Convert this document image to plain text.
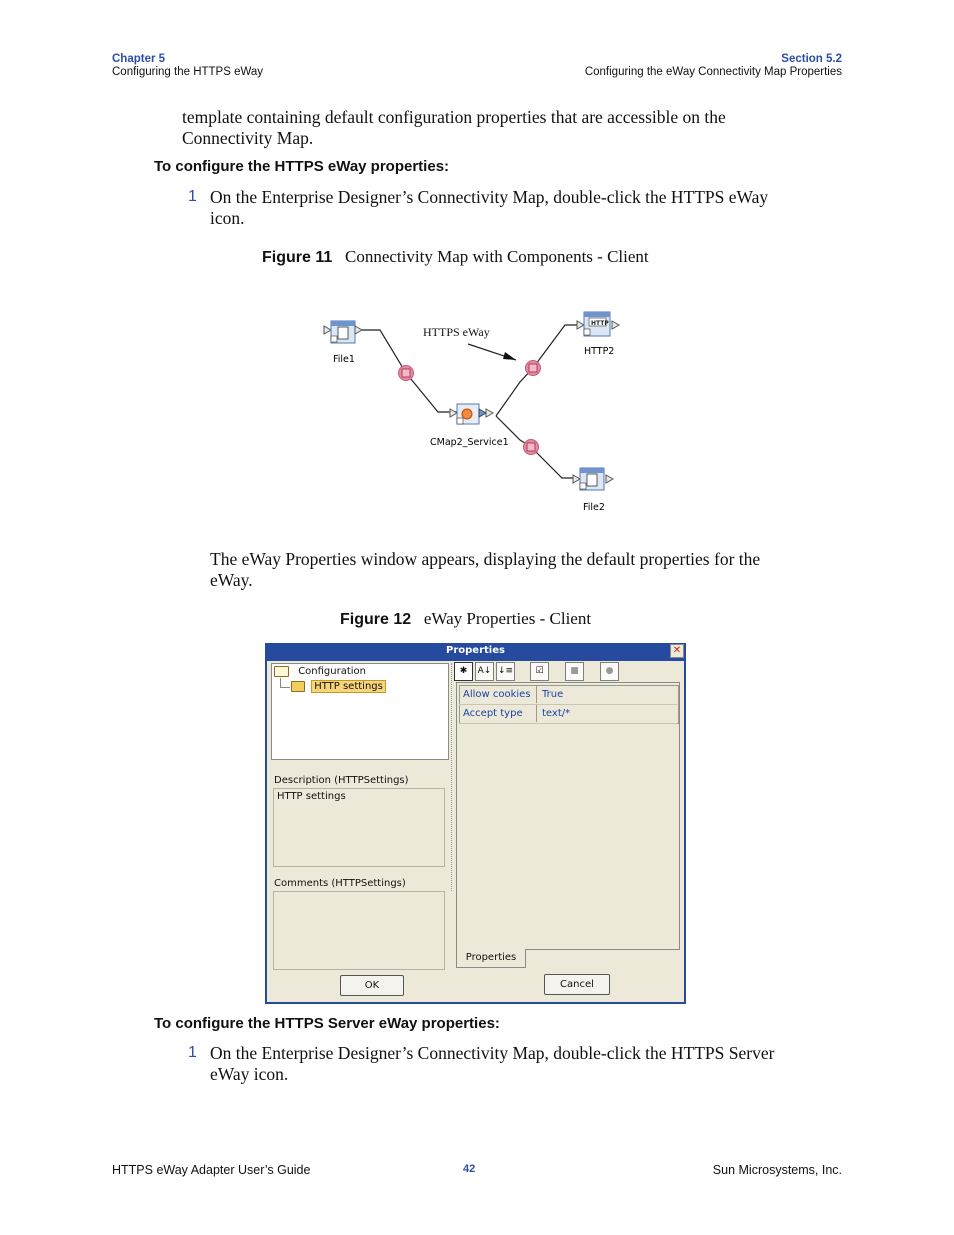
Chapter 5
Configuring the HTTPS eWay
Section 5.2
Configuring the eWay Connectivity Map Properties
template containing default configuration properties that are accessible on the
Connectivity Map.
To configure the HTTPS eWay properties:
1 On the Enterprise Designer’s Connectivity Map, double-click the HTTPS eWay
icon.
Figure 11 Connectivity Map with Components - Client
File1
HTTPS eWay
CMap2_Service1
HTTP
HTTP2
File2
The eWay Properties window appears, displaying the default properties for the
eWay.
Figure 12 eWay Properties - Client
Properties	✕
Configuration
HTTP settings
Description (HTTPSettings)
HTTP settings
Comments (HTTPSettings)
✱	A↓ ↓≡	☑	■	●
Allow cookies	True
Accept type	text/*
Properties
OK	Cancel
To configure the HTTPS Server eWay properties:
1 On the Enterprise Designer’s Connectivity Map, double-click the HTTPS Server
eWay icon.
HTTPS eWay Adapter User’s Guide	42	Sun Microsystems, Inc.
